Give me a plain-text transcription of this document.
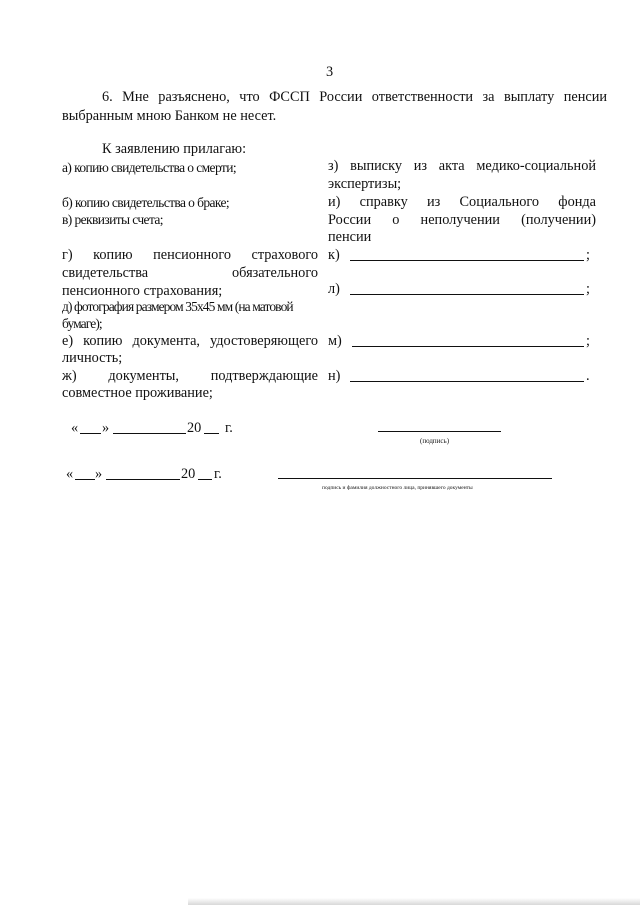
3
6. Мне разъяснено, что ФССП России ответственности за выплату пенсии
выбранным мною Банком не несет.
К заявлению прилагаю:
а) копию свидетельства о смерти;
б) копию свидетельства о браке;
в) реквизиты счета;
г) копию пенсионного страхового
свидетельства обязательного
пенсионного страхования;
д) фотография размером 35x45 мм (на матовой
бумаге);
е) копию документа, удостоверяющего
личность;
ж) документы, подтверждающие
совместное проживание;
з) выписку из акта медико-социальной
экспертизы;
и) справку из Социального фонда
России о неполучении (получении)
пенсии
к)	;
л)	;
м)	;
н)	.
« »	20 г.
(подпись)
« »	20 г.
подпись и фамилия должностного лица, принявшего документы
